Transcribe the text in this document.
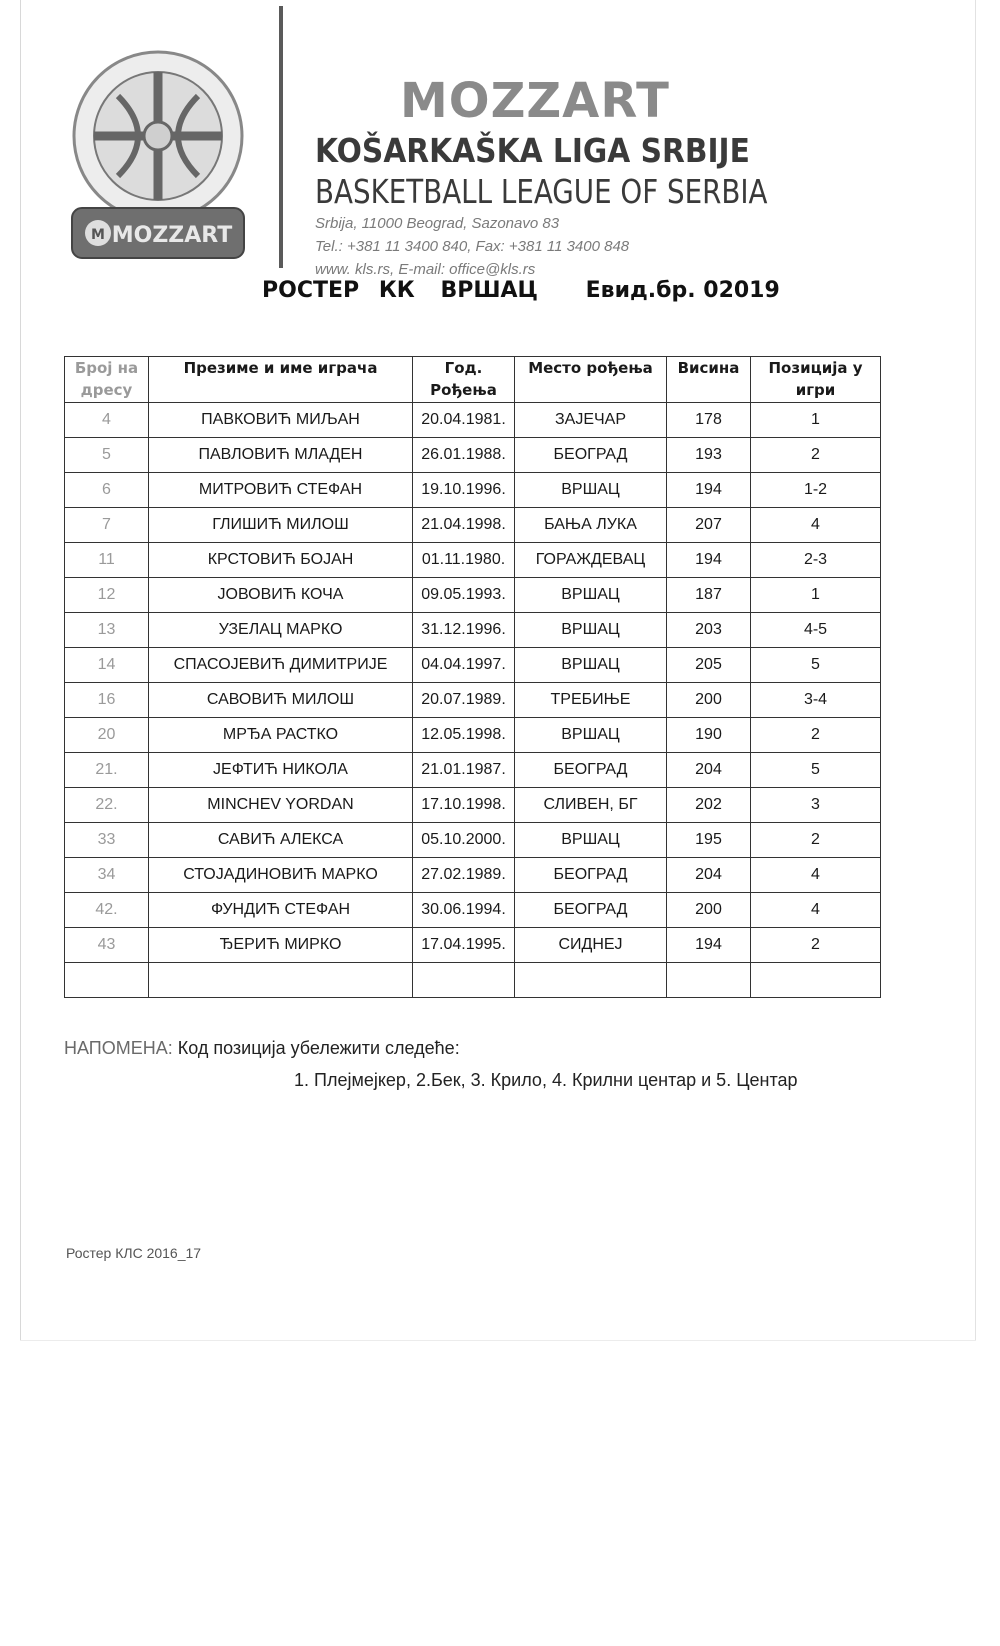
M MOZZART
MOZZART
KOŠARKAŠKA LIGA SRBIJE
BASKETBALL LEAGUE OF SERBIA
Srbija, 11000 Beograd, Sazonavo 83
Tel.: +381 11 3400 840, Fax: +381 11 3400 848
www. kls.rs, E-mail: office@kls.rs
РОСТЕР КК ВРШАЦ Евид.бр. 02019
Број на дресу	Презиме и име играча	Год. Рођења	Место рођења	Висина	Позиција у игри
4	ПАВКОВИЋ МИЉАН	20.04.1981.	ЗАЈЕЧАР	178	1
5	ПАВЛОВИЋ МЛАДЕН	26.01.1988.	БЕОГРАД	193	2
6	МИТРОВИЋ СТЕФАН	19.10.1996.	ВРШАЦ	194	1-2
7	ГЛИШИЋ МИЛОШ	21.04.1998.	БАЊА ЛУКА	207	4
11	КРСТОВИЋ БОЈАН	01.11.1980.	ГОРАЖДЕВАЦ	194	2-3
12	ЈОВОВИЋ КОЧА	09.05.1993.	ВРШАЦ	187	1
13	УЗЕЛАЦ МАРКО	31.12.1996.	ВРШАЦ	203	4-5
14	СПАСОЈЕВИЋ ДИМИТРИЈЕ	04.04.1997.	ВРШАЦ	205	5
16	САВОВИЋ МИЛОШ	20.07.1989.	ТРЕБИЊЕ	200	3-4
20	МРЂА РАСТКО	12.05.1998.	ВРШАЦ	190	2
21.	ЈЕФТИЋ НИКОЛА	21.01.1987.	БЕОГРАД	204	5
22.	MINCHEV YORDAN	17.10.1998.	СЛИВЕН, БГ	202	3
33	САВИЋ АЛЕКСА	05.10.2000.	ВРШАЦ	195	2
34	СТОЈАДИНОВИЋ МАРКО	27.02.1989.	БЕОГРАД	204	4
42.	ФУНДИЋ СТЕФАН	30.06.1994.	БЕОГРАД	200	4
43	ЂЕРИЋ МИРКО	17.04.1995.	СИДНЕЈ	194	2

НАПОМЕНА: Код позиција убележити следеће:
1. Плејмејкер, 2.Бек, 3. Крило, 4. Крилни центар и 5. Центар
Ростер КЛС 2016_17
